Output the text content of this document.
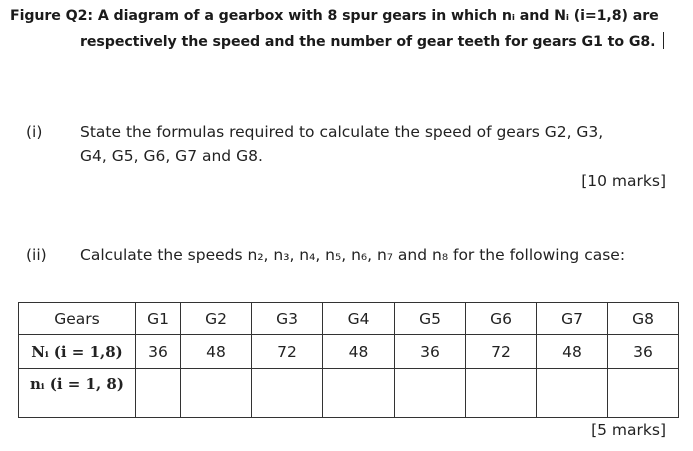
Figure Q2: A diagram of a gearbox with 8 spur gears in which nᵢ and Nᵢ (i=1,8) are
respectively the speed and the number of gear teeth for gears G1 to G8.
(i) State the formulas required to calculate the speed of gears G2, G3,
G4, G5, G6, G7 and G8.
[10 marks]
(ii) Calculate the speeds n₂, n₃, n₄, n₅, n₆, n₇ and n₈ for the following case:
Gears	G1	G2	G3	G4	G5	G6	G7	G8
Nᵢ (i = 1,8)	36	48	72	48	36	72	48	36
nᵢ (i = 1, 8)								
[5 marks]
